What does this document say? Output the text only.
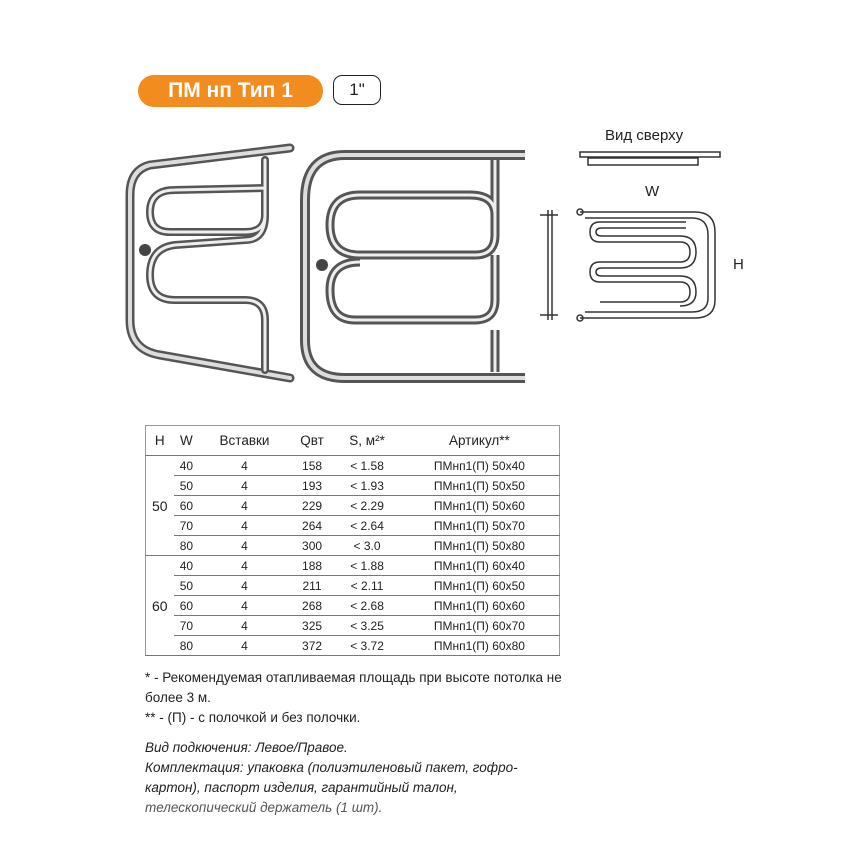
ПМ нп Тип 1	1"
Вид сверху
W
H
H	W	Вставки	Qвт	S, м²*	Артикул**
50	40	4	158	< 1.58	ПМнп1(П) 50x40
	50	4	193	< 1.93	ПМнп1(П) 50x50
	60	4	229	< 2.29	ПМнп1(П) 50x60
	70	4	264	< 2.64	ПМнп1(П) 50x70
	80	4	300	< 3.0	ПМнп1(П) 50x80
60	40	4	188	< 1.88	ПМнп1(П) 60x40
	50	4	211	< 2.11	ПМнп1(П) 60x50
	60	4	268	< 2.68	ПМнп1(П) 60x60
	70	4	325	< 3.25	ПМнп1(П) 60x70
	80	4	372	< 3.72	ПМнп1(П) 60x80

* - Рекомендуемая отапливаемая площадь при высоте потолка не более 3 м.

** - (П) - с полочкой и без полочки.

Вид подкючения: Левое/Правое.

Комплектация: упаковка (полиэтиленовый пакет, гофро-картон), паспорт изделия, гарантийный талон,

телескопический держатель (1 шт).
